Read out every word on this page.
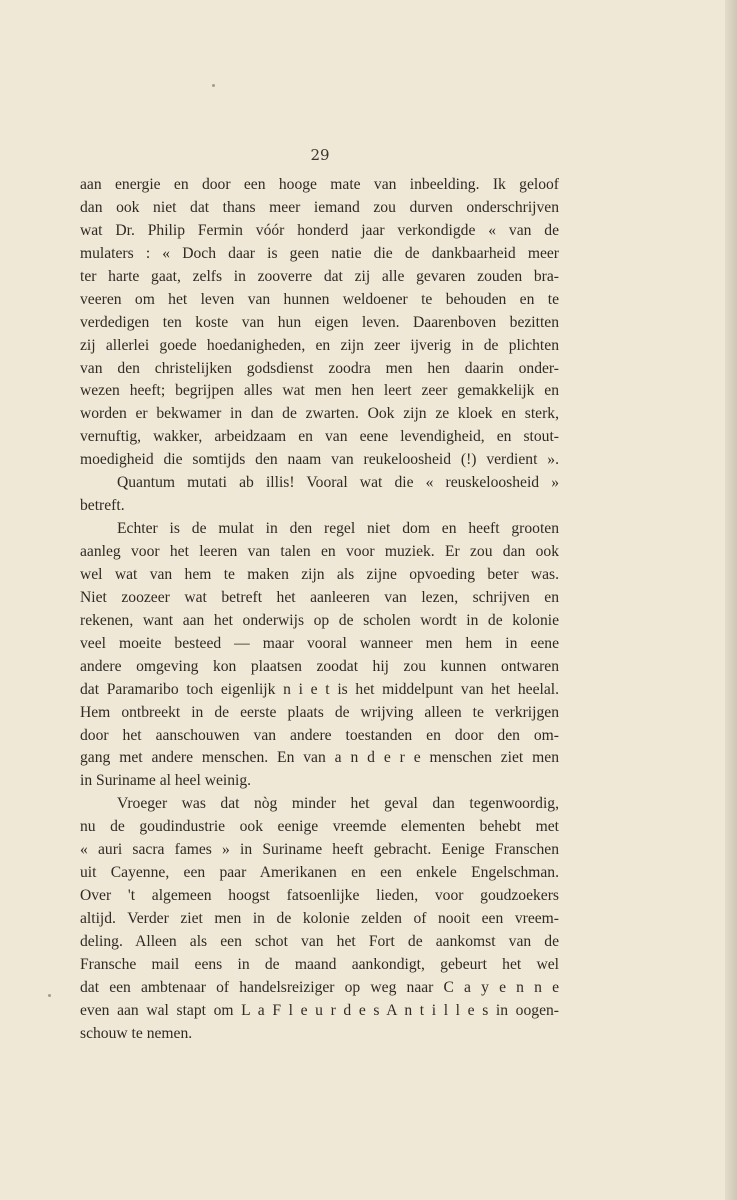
29
aan energie en door een hooge mate van inbeelding. Ik geloof
dan ook niet dat thans meer iemand zou durven onderschrijven
wat Dr. Philip Fermin vóór honderd jaar verkondigde « van de
mulaters : « Doch daar is geen natie die de dankbaarheid meer
ter harte gaat, zelfs in zooverre dat zij alle gevaren zouden bra-
veeren om het leven van hunnen weldoener te behouden en te
verdedigen ten koste van hun eigen leven. Daarenboven bezitten
zij allerlei goede hoedanigheden, en zijn zeer ijverig in de plichten
van den christelijken godsdienst zoodra men hen daarin onder-
wezen heeft; begrijpen alles wat men hen leert zeer gemakkelijk en
worden er bekwamer in dan de zwarten. Ook zijn ze kloek en sterk,
vernuftig, wakker, arbeidzaam en van eene levendigheid, en stout-
moedigheid die somtijds den naam van reukeloosheid (!) verdient ».
Quantum mutati ab illis! Vooral wat die « reuskeloosheid »
betreft.
Echter is de mulat in den regel niet dom en heeft grooten
aanleg voor het leeren van talen en voor muziek. Er zou dan ook
wel wat van hem te maken zijn als zijne opvoeding beter was.
Niet zoozeer wat betreft het aanleeren van lezen, schrijven en
rekenen, want aan het onderwijs op de scholen wordt in de kolonie
veel moeite besteed — maar vooral wanneer men hem in eene
andere omgeving kon plaatsen zoodat hij zou kunnen ontwaren
dat Paramaribo toch eigenlijk n i e t is het middelpunt van het heelal.
Hem ontbreekt in de eerste plaats de wrijving alleen te verkrijgen
door het aanschouwen van andere toestanden en door den om-
gang met andere menschen. En van a n d e r e menschen ziet men
in Suriname al heel weinig.
Vroeger was dat nòg minder het geval dan tegenwoordig,
nu de goudindustrie ook eenige vreemde elementen behebt met
« auri sacra fames » in Suriname heeft gebracht. Eenige Franschen
uit Cayenne, een paar Amerikanen en een enkele Engelschman.
Over 't algemeen hoogst fatsoenlijke lieden, voor goudzoekers
altijd. Verder ziet men in de kolonie zelden of nooit een vreem-
deling. Alleen als een schot van het Fort de aankomst van de
Fransche mail eens in de maand aankondigt, gebeurt het wel
dat een ambtenaar of handelsreiziger op weg naar C a y e n n e
even aan wal stapt om L a F l e u r d e s A n t i l l e s in oogen-
schouw te nemen.
